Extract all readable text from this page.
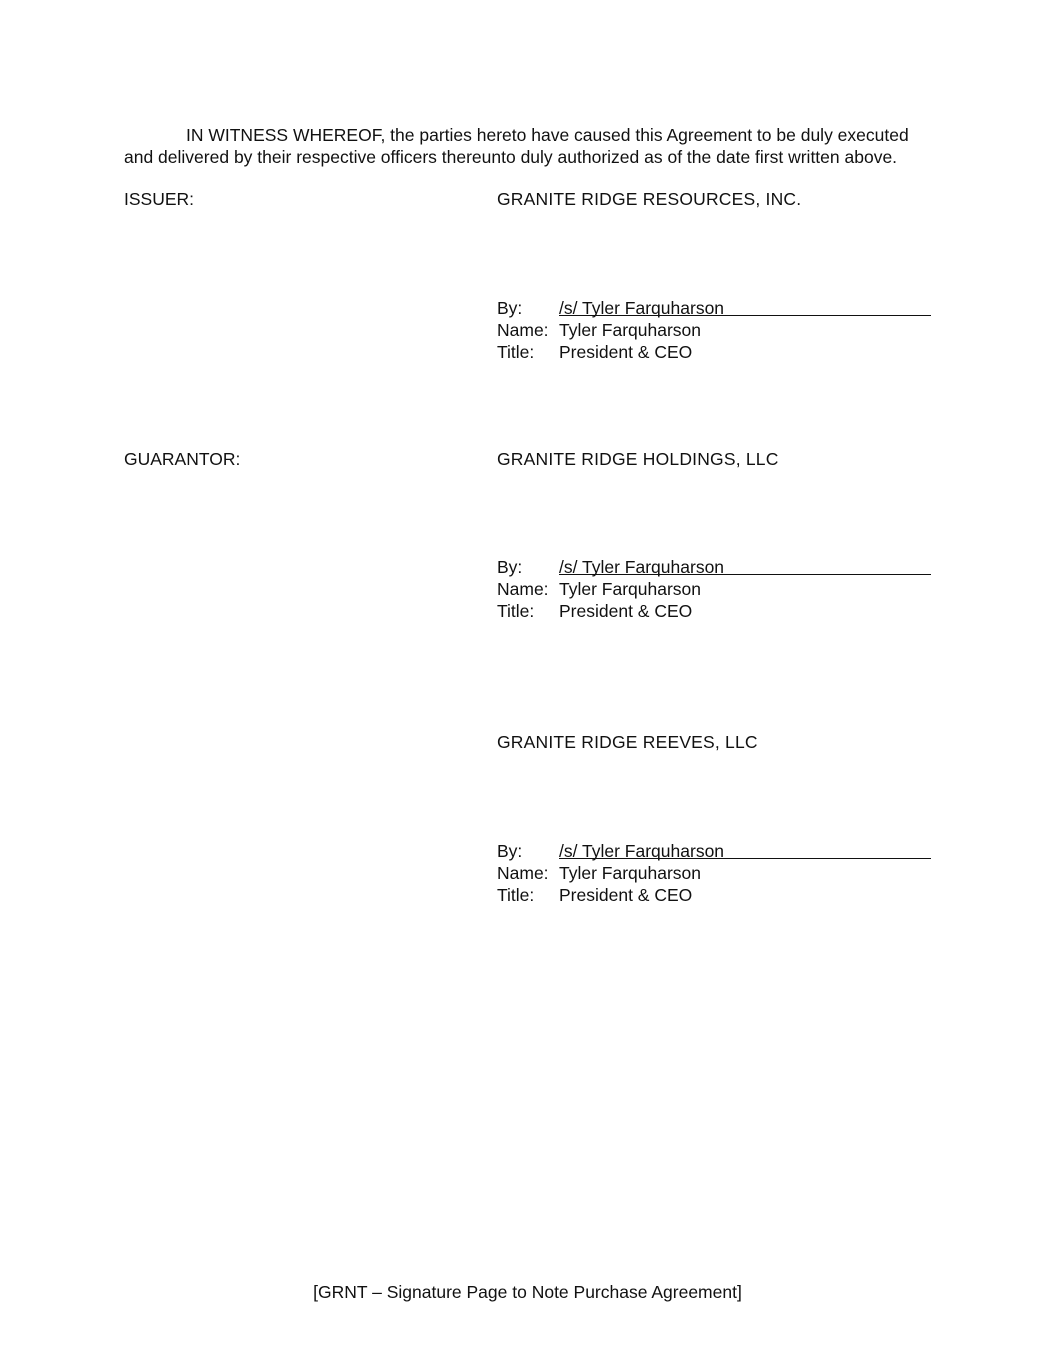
IN WITNESS WHEREOF, the parties hereto have caused this Agreement to be duly executed and delivered by their respective officers thereunto duly authorized as of the date first written above.

ISSUER:	GRANITE RIDGE RESOURCES, INC.

By: /s/ Tyler Farquharson
Name: Tyler Farquharson
Title: President & CEO

GUARANTOR:	GRANITE RIDGE HOLDINGS, LLC

By: /s/ Tyler Farquharson
Name: Tyler Farquharson
Title: President & CEO

GRANITE RIDGE REEVES, LLC

By: /s/ Tyler Farquharson
Name: Tyler Farquharson
Title: President & CEO

[GRNT – Signature Page to Note Purchase Agreement]
